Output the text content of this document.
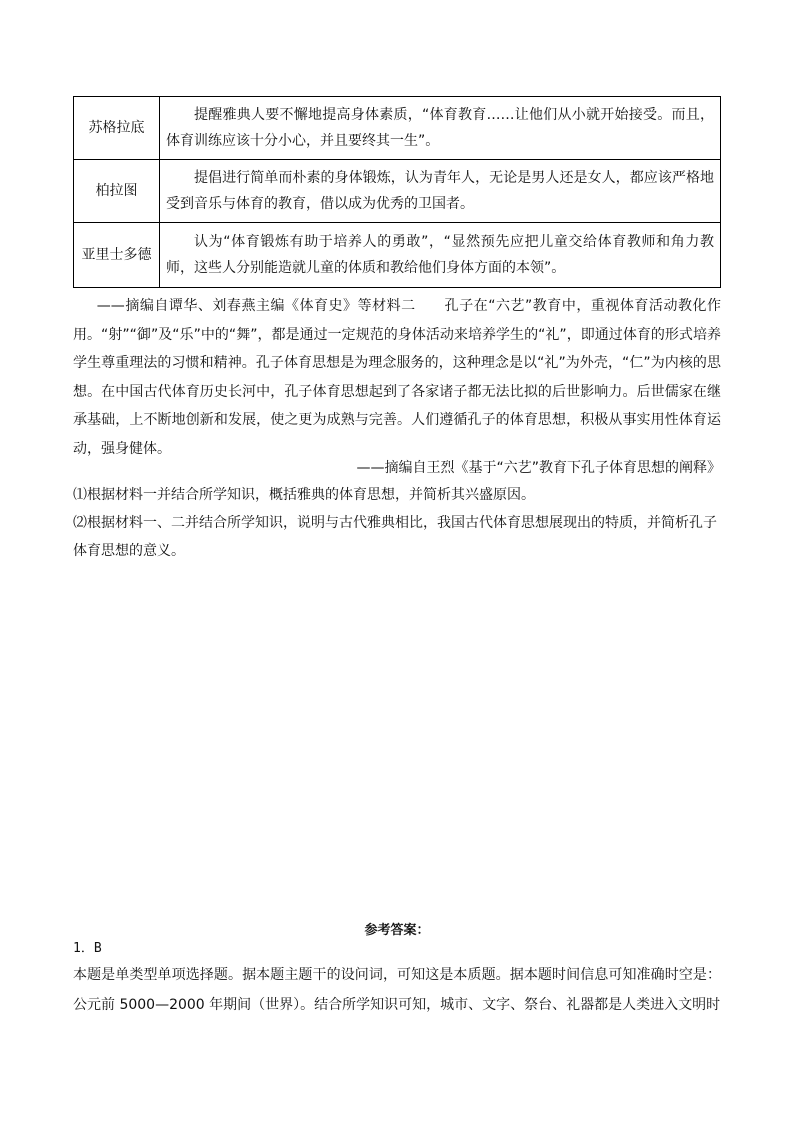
苏格拉底	提醒雅典人要不懈地提高身体素质，“体育教育……让他们从小就开始接受。而且，体育训练应该十分小心，并且要终其一生”。
柏拉图	提倡进行简单而朴素的身体锻炼，认为青年人，无论是男人还是女人，都应该严格地受到音乐与体育的教育，借以成为优秀的卫国者。
亚里士多德	认为“体育锻炼有助于培养人的勇敢”，“显然预先应把儿童交给体育教师和角力教师，这些人分别能造就儿童的体质和教给他们身体方面的本领”。

——摘编自谭华、刘春燕主编《体育史》等材料二　　孔子在“六艺”教育中，重视体育活动教化作用。“射”“御”及“乐”中的“舞”，都是通过一定规范的身体活动来培养学生的“礼”，即通过体育的形式培养学生尊重理法的习惯和精神。孔子体育思想是为理念服务的，这种理念是以“礼”为外壳，“仁”为内核的思想。在中国古代体育历史长河中，孔子体育思想起到了各家诸子都无法比拟的后世影响力。后世儒家在继承基础，上不断地创新和发展，使之更为成熟与完善。人们遵循孔子的体育思想，积极从事实用性体育运动，强身健体。

——摘编自王烈《基于“六艺”教育下孔子体育思想的阐释》

⑴根据材料一并结合所学知识，概括雅典的体育思想，并简析其兴盛原因。

⑵根据材料一、二并结合所学知识，说明与古代雅典相比，我国古代体育思想展现出的特质，并简析孔子体育思想的意义。

参考答案：

1．B

本题是单类型单项选择题。据本题主题干的设问词，可知这是本质题。据本题时间信息可知准确时空是：公元前 5000—2000 年期间（世界）。结合所学知识可知，城市、文字、祭台、礼器都是人类进入文明时
